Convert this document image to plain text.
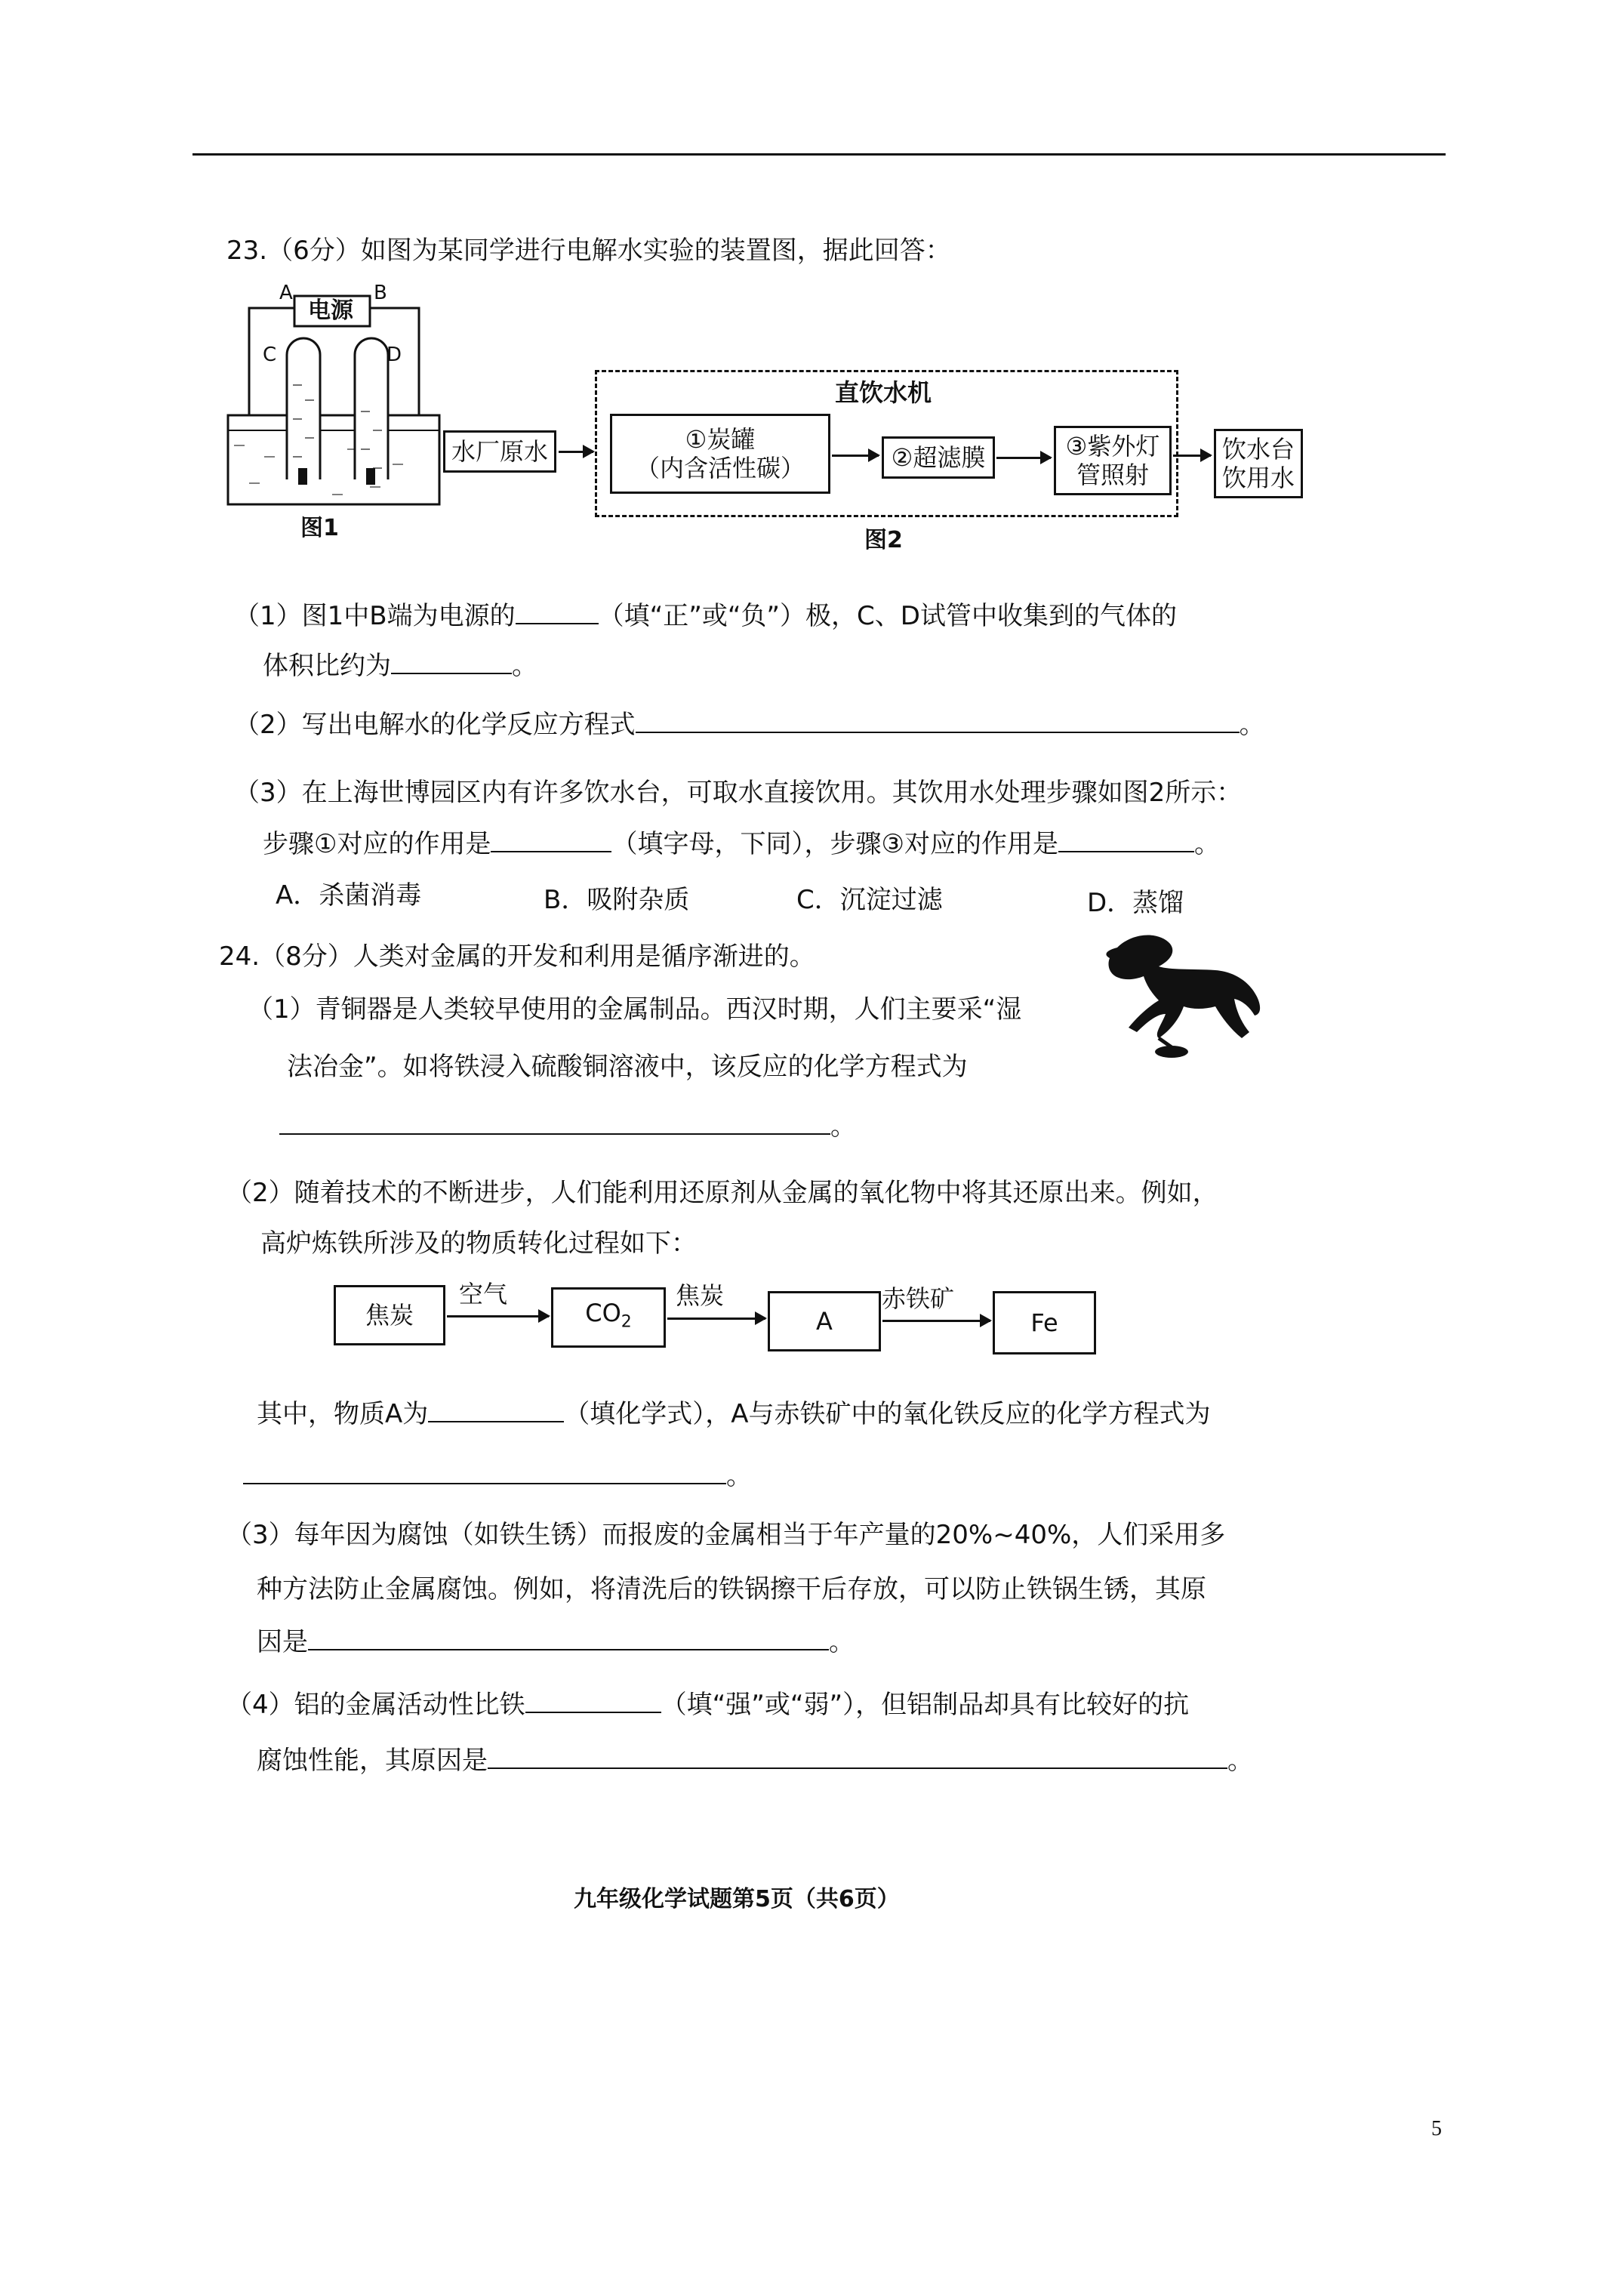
23.（6分）如图为某同学进行电解水实验的装置图，据此回答：
电源
A	B
C	D
图1
水厂原水
直饮水机
①炭罐
（内含活性碳）	②超滤膜	③紫外灯
管照射
饮水台
饮用水
图2
（1）图1中B端为电源的	（填“正”或“负”）极，C、D试管中收集到的气体的
体积比约为	。
（2）写出电解水的化学反应方程式	。
（3）在上海世博园区内有许多饮水台，可取水直接饮用。其饮用水处理步骤如图2所示：
步骤①对应的作用是	（填字母，下同），步骤③对应的作用是	。
A．杀菌消毒	B．吸附杂质	C．沉淀过滤	D．蒸馏
24.（8分）人类对金属的开发和利用是循序渐进的。
（1）青铜器是人类较早使用的金属制品。西汉时期，人们主要采“湿
法冶金”。如将铁浸入硫酸铜溶液中，该反应的化学方程式为
。
（2）随着技术的不断进步，人们能利用还原剂从金属的氧化物中将其还原出来。例如，
高炉炼铁所涉及的物质转化过程如下：
焦炭
空气
$CO_2$
焦炭
A
赤铁矿
Fe
其中，物质A为	（填化学式），A与赤铁矿中的氧化铁反应的化学方程式为
。
（3）每年因为腐蚀（如铁生锈）而报废的金属相当于年产量的20%~40%，人们采用多
种方法防止金属腐蚀。例如，将清洗后的铁锅擦干后存放，可以防止铁锅生锈，其原
因是	。
（4）铝的金属活动性比铁	（填“强”或“弱”），但铝制品却具有比较好的抗
腐蚀性能，其原因是	。
九年级化学试题第5页（共6页）
5
